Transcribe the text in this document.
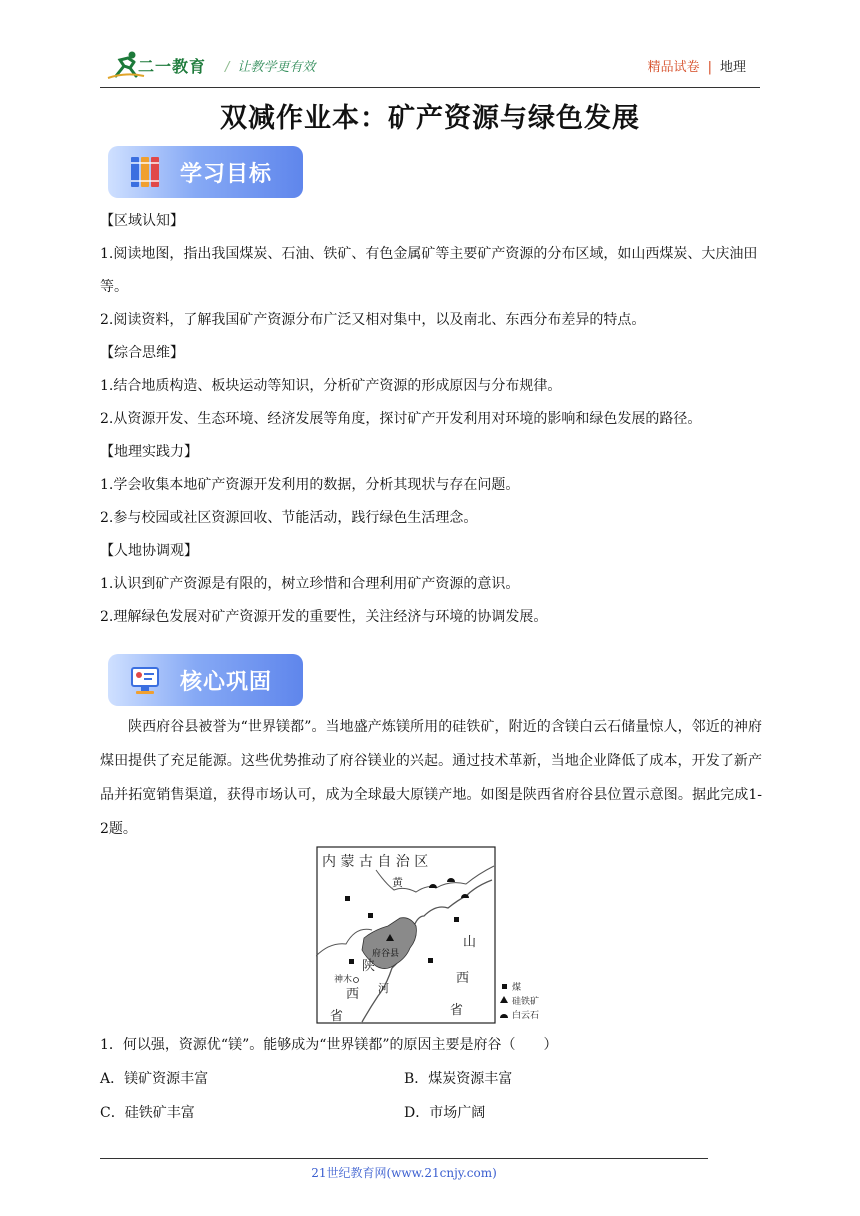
二一教育 / 让教学更有效	精品试卷 | 地理
双减作业本：矿产资源与绿色发展
学习目标

【区域认知】

1.阅读地图，指出我国煤炭、石油、铁矿、有色金属矿等主要矿产资源的分布区域，如山西煤炭、大庆油田等。

2.阅读资料，了解我国矿产资源分布广泛又相对集中，以及南北、东西分布差异的特点。

【综合思维】

1.结合地质构造、板块运动等知识，分析矿产资源的形成原因与分布规律。

2.从资源开发、生态环境、经济发展等角度，探讨矿产开发利用对环境的影响和绿色发展的路径。

【地理实践力】

1.学会收集本地矿产资源开发利用的数据，分析其现状与存在问题。

2.参与校园或社区资源回收、节能活动，践行绿色生活理念。

【人地协调观】

1.认识到矿产资源是有限的，树立珍惜和合理利用矿产资源的意识。

2.理解绿色发展对矿产资源开发的重要性，关注经济与环境的协调发展。

核心巩固
陕西府谷县被誉为“世界镁都”。当地盛产炼镁所用的硅铁矿，附近的含镁白云石储量惊人，邻近的神府煤田提供了充足能源。这些优势推动了府谷镁业的兴起。通过技术革新，当地企业降低了成本，开发了新产品并拓宽销售渠道，获得市场认可，成为全球最大原镁产地。如图是陕西省府谷县位置示意图。据此完成1-2题。
内 蒙 古 自 治 区
黄
河
山
西
省
陕
西
省
府谷县
神木
煤
硅铁矿
白云石
1．何以强，资源优“镁”。能够成为“世界镁都”的原因主要是府谷（　　）
A．镁矿资源丰富	B．煤炭资源丰富
C．硅铁矿丰富	D．市场广阔
21世纪教育网(www.21cnjy.com)
